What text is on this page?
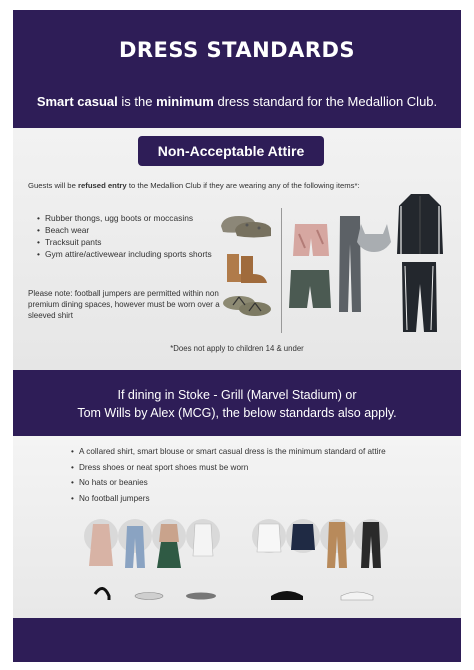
DRESS STANDARDS
Smart casual is the minimum dress standard for the Medallion Club.
Non-Acceptable Attire
Guests will be refused entry to the Medallion Club if they are wearing any of the following items*:
• Rubber thongs, ugg boots or moccasins
• Beach wear
• Tracksuit pants
• Gym attire/activewear including sports shorts
Please note: football jumpers are permitted within non premium dining spaces, however must be worn over a sleeved shirt
*Does not apply to children 14 & under
If dining in Stoke - Grill (Marvel Stadium) or
Tom Wills by Alex (MCG), the below standards also apply.
• A collared shirt, smart blouse or smart casual dress is the minimum standard of attire
• Dress shoes or neat sport shoes must be worn
• No hats or beanies
• No football jumpers
